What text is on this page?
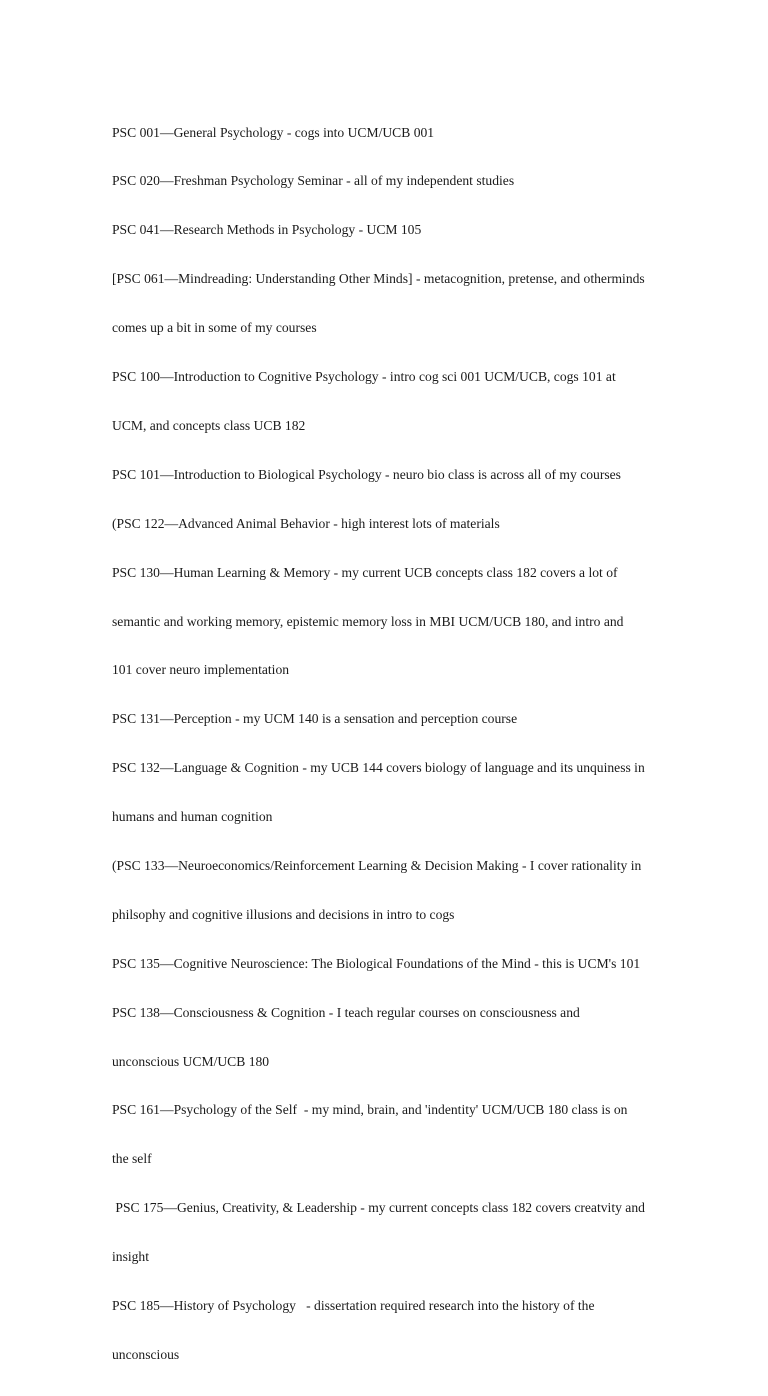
PSC 001—General Psychology - cogs into UCM/UCB 001

PSC 020—Freshman Psychology Seminar - all of my independent studies

PSC 041—Research Methods in Psychology - UCM 105

[PSC 061—Mindreading: Understanding Other Minds] - metacognition, pretense, and otherminds

comes up a bit in some of my courses

PSC 100—Introduction to Cognitive Psychology - intro cog sci 001 UCM/UCB, cogs 101 at

UCM, and concepts class UCB 182

PSC 101—Introduction to Biological Psychology - neuro bio class is across all of my courses

(PSC 122—Advanced Animal Behavior - high interest lots of materials

PSC 130—Human Learning & Memory - my current UCB concepts class 182 covers a lot of

semantic and working memory, epistemic memory loss in MBI UCM/UCB 180, and intro and

101 cover neuro implementation

PSC 131—Perception - my UCM 140 is a sensation and perception course

PSC 132—Language & Cognition - my UCB 144 covers biology of language and its unquiness in

humans and human cognition

(PSC 133—Neuroeconomics/Reinforcement Learning & Decision Making - I cover rationality in

philsophy and cognitive illusions and decisions in intro to cogs

PSC 135—Cognitive Neuroscience: The Biological Foundations of the Mind - this is UCM's 101

PSC 138—Consciousness & Cognition - I teach regular courses on consciousness and

unconscious UCM/UCB 180

PSC 161—Psychology of the Self  - my mind, brain, and 'indentity' UCM/UCB 180 class is on

the self

PSC 175—Genius, Creativity, & Leadership - my current concepts class 182 covers creatvity and

insight

PSC 185—History of Psychology   - dissertation required research into the history of the

unconscious
